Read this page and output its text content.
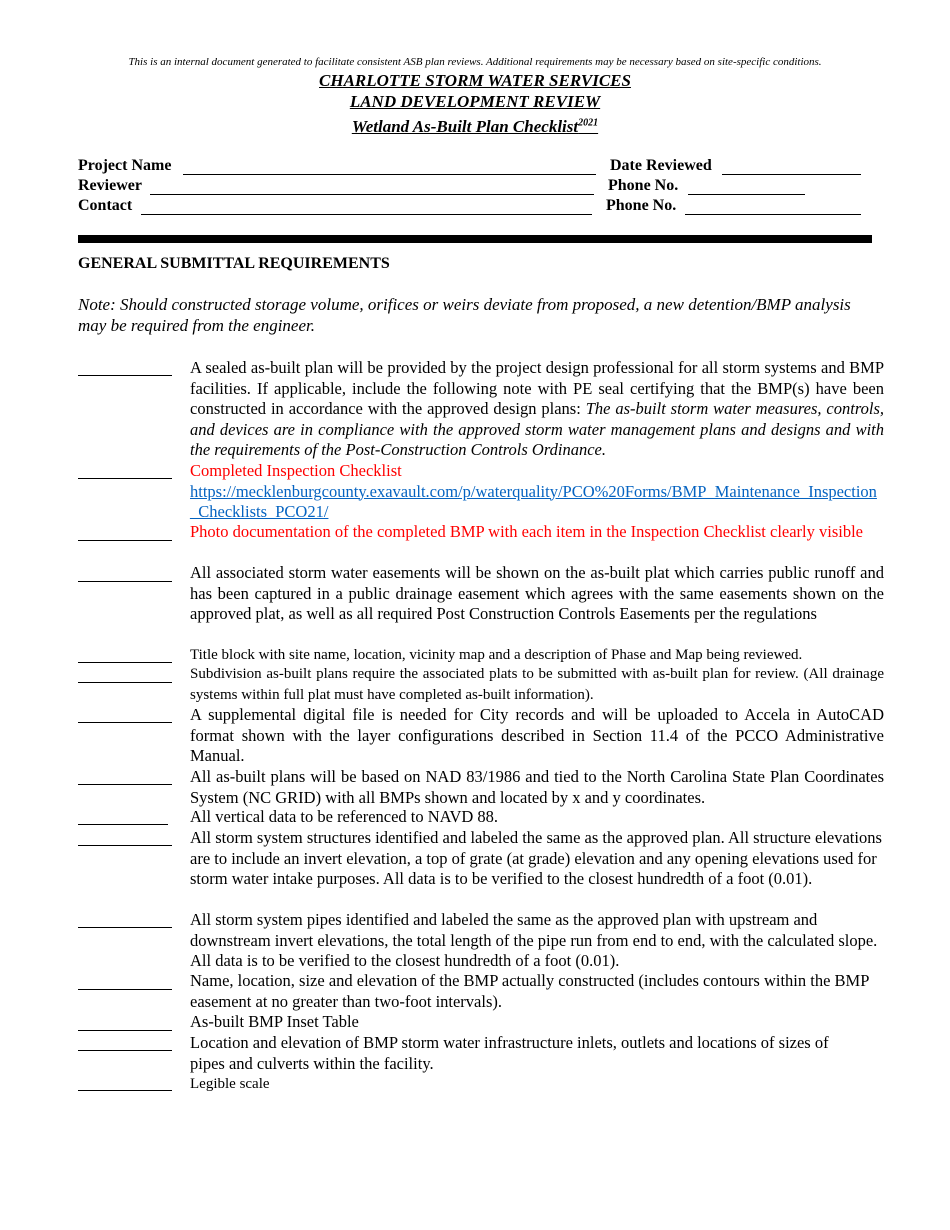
This is an internal document generated to facilitate consistent ASB plan reviews. Additional requirements may be necessary based on site-specific conditions.
CHARLOTTE STORM WATER SERVICES
LAND DEVELOPMENT REVIEW
Wetland As-Built Plan Checklist$^{2021}$
Project Name	Date Reviewed
Reviewer	Phone No.
Contact	Phone No.
GENERAL SUBMITTAL REQUIREMENTS
Note: Should constructed storage volume, orifices or weirs deviate from proposed, a new detention/BMP analysis may be required from the engineer.
A sealed as-built plan will be provided by the project design professional for all storm systems and BMP facilities. If applicable, include the following note with PE seal certifying that the BMP(s) have been constructed in accordance with the approved design plans: The as-built storm water measures, controls, and devices are in compliance with the approved storm water management plans and designs and with the requirements of the Post-Construction Controls Ordinance.
Completed Inspection Checklist
https://mecklenburgcounty.exavault.com/p/waterquality/PCO%20Forms/BMP_Maintenance_Inspection_Checklists_PCO21/
Photo documentation of the completed BMP with each item in the Inspection Checklist clearly visible
All associated storm water easements will be shown on the as-built plat which carries public runoff and has been captured in a public drainage easement which agrees with the same easements shown on the approved plat, as well as all required Post Construction Controls Easements per the regulations
Title block with site name, location, vicinity map and a description of Phase and Map being reviewed.
Subdivision as-built plans require the associated plats to be submitted with as-built plan for review. (All drainage systems within full plat must have completed as-built information).
A supplemental digital file is needed for City records and will be uploaded to Accela in AutoCAD format shown with the layer configurations described in Section 11.4 of the PCCO Administrative Manual.
All as-built plans will be based on NAD 83/1986 and tied to the North Carolina State Plan Coordinates System (NC GRID) with all BMPs shown and located by x and y coordinates.
All vertical data to be referenced to NAVD 88.
All storm system structures identified and labeled the same as the approved plan. All structure elevations are to include an invert elevation, a top of grate (at grade) elevation and any opening elevations used for storm water intake purposes. All data is to be verified to the closest hundredth of a foot (0.01).
All storm system pipes identified and labeled the same as the approved plan with upstream and downstream invert elevations, the total length of the pipe run from end to end, with the calculated slope. All data is to be verified to the closest hundredth of a foot (0.01).
Name, location, size and elevation of the BMP actually constructed (includes contours within the BMP easement at no greater than two-foot intervals).
As-built BMP Inset Table
Location and elevation of BMP storm water infrastructure inlets, outlets and locations of sizes of pipes and culverts within the facility.
Legible scale
